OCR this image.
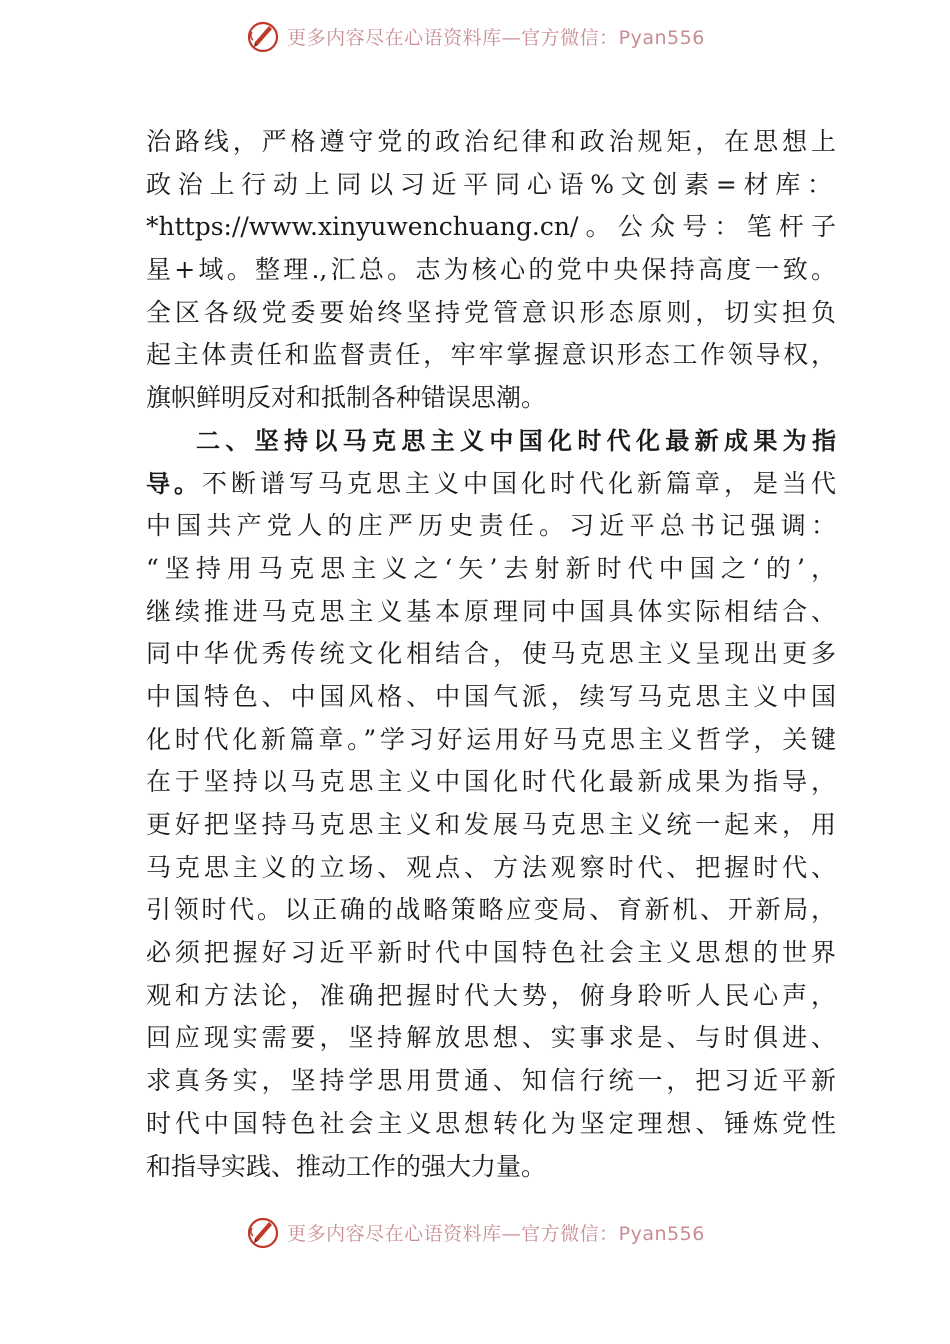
更多内容尽在心语资料库—官方微信：Pyan556
治路线，严格遵守党的政治纪律和政治规矩，在思想上
政治上行动上同以习近平同心语%文创素=材库：
*https://www.xinyuwenchuang.cn/。公众号：笔杆子
星+域。整理.,汇总。志为核心的党中央保持高度一致。
全区各级党委要始终坚持党管意识形态原则，切实担负
起主体责任和监督责任，牢牢掌握意识形态工作领导权，
旗帜鲜明反对和抵制各种错误思潮。
二、坚持以马克思主义中国化时代化最新成果为指
导。不断谱写马克思主义中国化时代化新篇章，是当代
中国共产党人的庄严历史责任。习近平总书记强调：
“坚持用马克思主义之‘矢’去射新时代中国之‘的’，
继续推进马克思主义基本原理同中国具体实际相结合、
同中华优秀传统文化相结合，使马克思主义呈现出更多
中国特色、中国风格、中国气派，续写马克思主义中国
化时代化新篇章。”学习好运用好马克思主义哲学，关键
在于坚持以马克思主义中国化时代化最新成果为指导，
更好把坚持马克思主义和发展马克思主义统一起来，用
马克思主义的立场、观点、方法观察时代、把握时代、
引领时代。以正确的战略策略应变局、育新机、开新局，
必须把握好习近平新时代中国特色社会主义思想的世界
观和方法论，准确把握时代大势，俯身聆听人民心声，
回应现实需要，坚持解放思想、实事求是、与时俱进、
求真务实，坚持学思用贯通、知信行统一，把习近平新
时代中国特色社会主义思想转化为坚定理想、锤炼党性
和指导实践、推动工作的强大力量。
更多内容尽在心语资料库—官方微信：Pyan556
